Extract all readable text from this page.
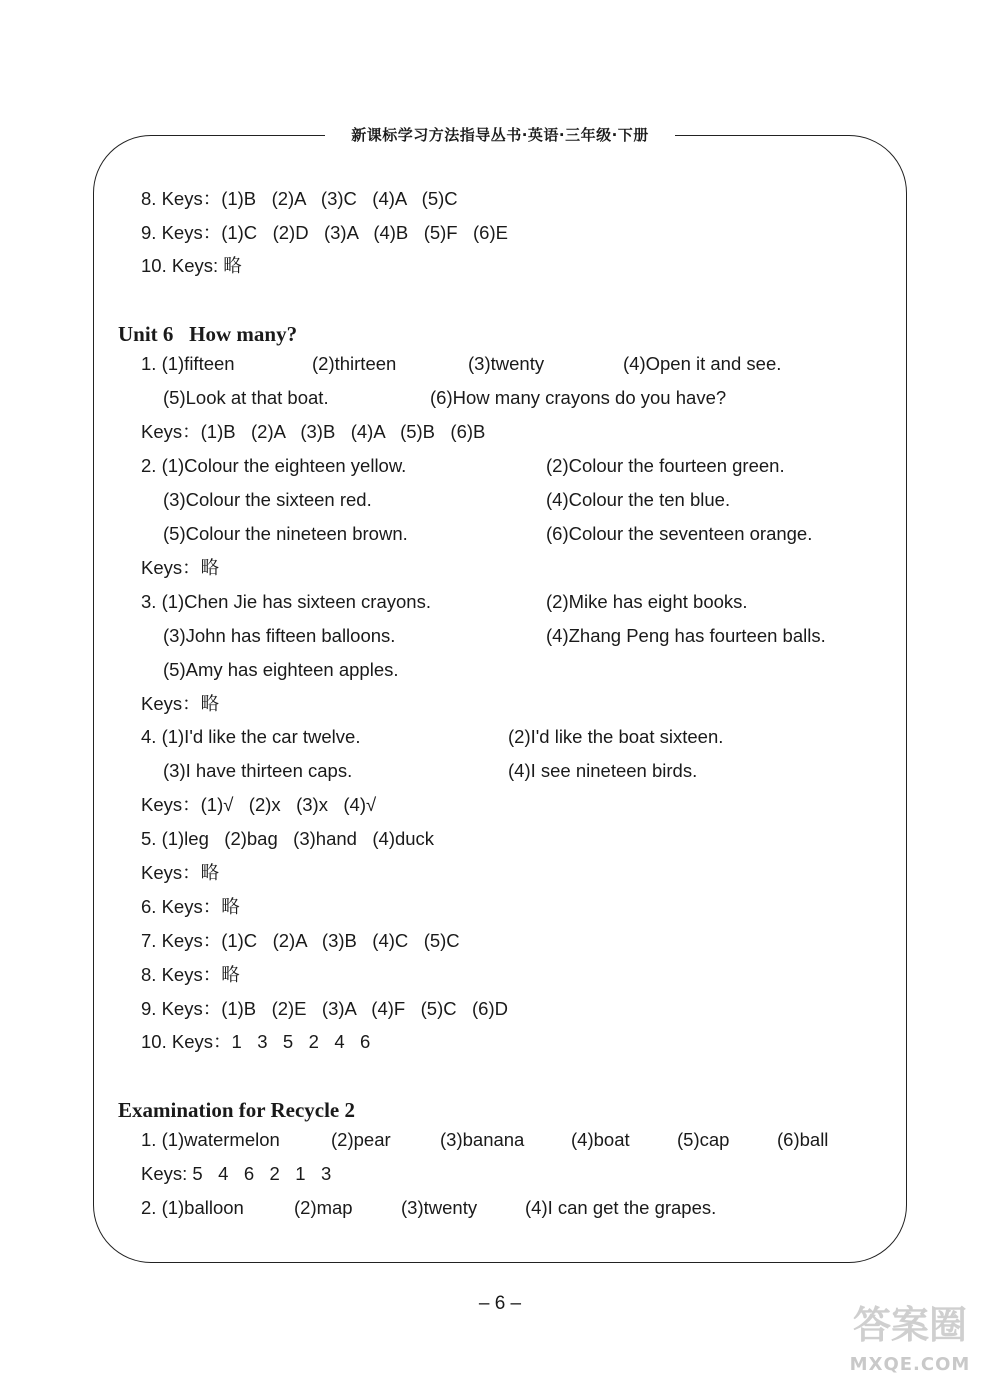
新课标学习方法指导丛书·英语·三年级·下册
8. Keys：(1)B   (2)A   (3)C   (4)A   (5)C
9. Keys：(1)C   (2)D   (3)A   (4)B   (5)F   (6)E
10. Keys: 略
Unit 6   How many?
1. (1)fifteen	(2)thirteen	(3)twenty	(4)Open it and see.
(5)Look at that boat.	(6)How many crayons do you have?
Keys：(1)B   (2)A   (3)B   (4)A   (5)B   (6)B
2. (1)Colour the eighteen yellow.	(2)Colour the fourteen green.
(3)Colour the sixteen red.	(4)Colour the ten blue.
(5)Colour the nineteen brown.	(6)Colour the seventeen orange.
Keys：略
3. (1)Chen Jie has sixteen crayons.	(2)Mike has eight books.
(3)John has fifteen balloons.	(4)Zhang Peng has fourteen balls.
(5)Amy has eighteen apples.
Keys：略
4. (1)I'd like the car twelve.	(2)I'd like the boat sixteen.
(3)I have thirteen caps.	(4)I see nineteen birds.
Keys：(1)√   (2)x   (3)x   (4)√
5. (1)leg   (2)bag   (3)hand   (4)duck
Keys：略
6. Keys：略
7. Keys：(1)C   (2)A   (3)B   (4)C   (5)C
8. Keys：略
9. Keys：(1)B   (2)E   (3)A   (4)F   (5)C   (6)D
10. Keys：1   3   5   2   4   6
Examination for Recycle 2
1. (1)watermelon	(2)pear	(3)banana	(4)boat	(5)cap	(6)ball
Keys: 5   4   6   2   1   3
2. (1)balloon	(2)map	(3)twenty	(4)I can get the grapes.
– 6 –	答案圈
MXQE.COM
